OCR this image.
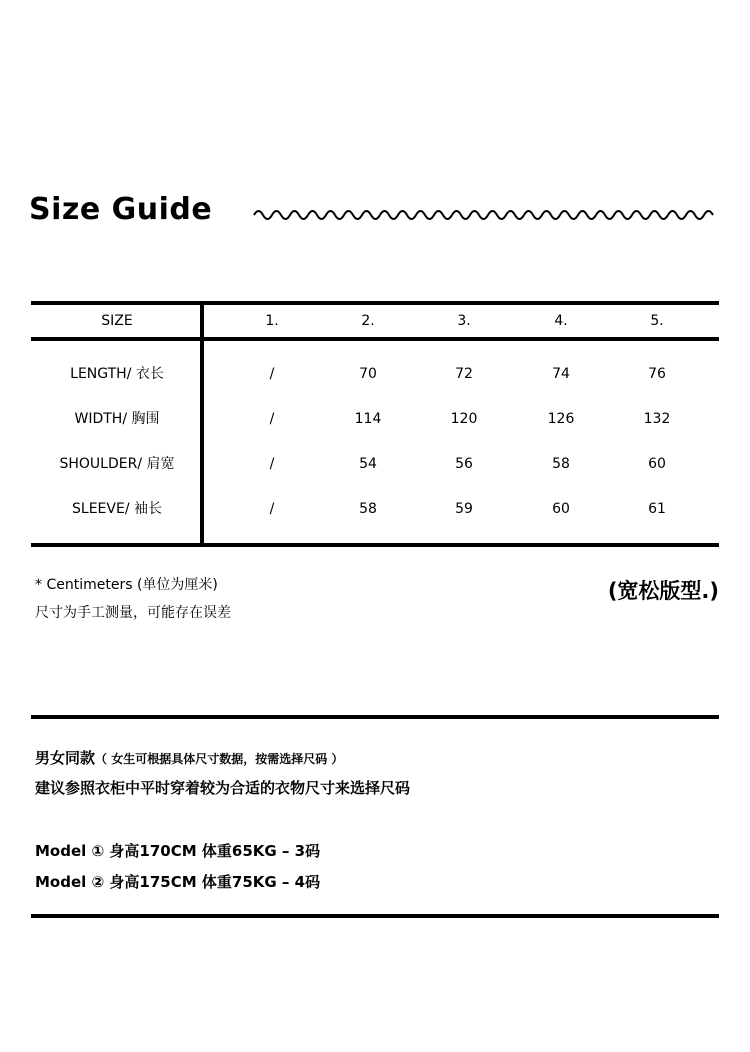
Size Guide
SIZE	1.	2.	3.	4.	5.
LENGTH/ 衣长	/	70	72	74	76
WIDTH/ 胸围	/	114	120	126	132
SHOULDER/ 肩宽	/	54	56	58	60
SLEEVE/ 袖长	/	58	59	60	61
* Centimeters (单位为厘米)
尺寸为手工测量，可能存在误差
(宽松版型.)
男女同款（ 女生可根据具体尺寸数据，按需选择尺码 ）
建议参照衣柜中平时穿着较为合适的衣物尺寸来选择尺码
Model ① 身高170CM 体重65KG – 3码
Model ② 身高175CM 体重75KG – 4码
